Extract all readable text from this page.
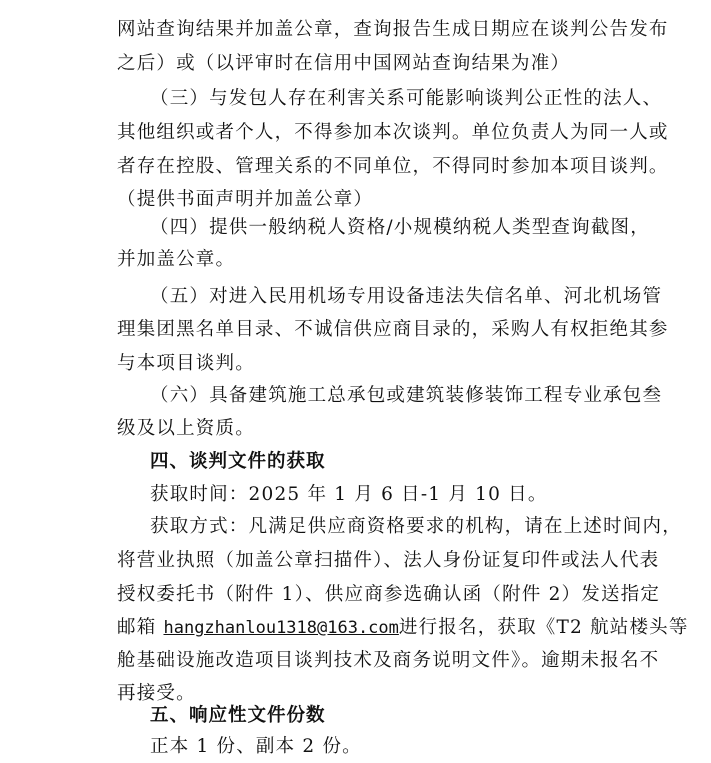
网站查询结果并加盖公章，查询报告生成日期应在谈判公告发布
之后）或（以评审时在信用中国网站查询结果为准）
（三）与发包人存在利害关系可能影响谈判公正性的法人、
其他组织或者个人，不得参加本次谈判。单位负责人为同一人或
者存在控股、管理关系的不同单位，不得同时参加本项目谈判。
（提供书面声明并加盖公章）
（四）提供一般纳税人资格/小规模纳税人类型查询截图，
并加盖公章。
（五）对进入民用机场专用设备违法失信名单、河北机场管
理集团黑名单目录、不诚信供应商目录的，采购人有权拒绝其参
与本项目谈判。
（六）具备建筑施工总承包或建筑装修装饰工程专业承包叁
级及以上资质。
四、谈判文件的获取
获取时间：2025 年 1 月 6 日-1 月 10 日。
获取方式：凡满足供应商资格要求的机构，请在上述时间内，
将营业执照（加盖公章扫描件）、法人身份证复印件或法人代表
授权委托书（附件 1）、供应商参选确认函（附件 2）发送指定
邮箱 hangzhanlou1318@163.com进行报名，获取《T2 航站楼头等
舱基础设施改造项目谈判技术及商务说明文件》。逾期未报名不
再接受。
五、响应性文件份数
正本 1 份、副本 2 份。
